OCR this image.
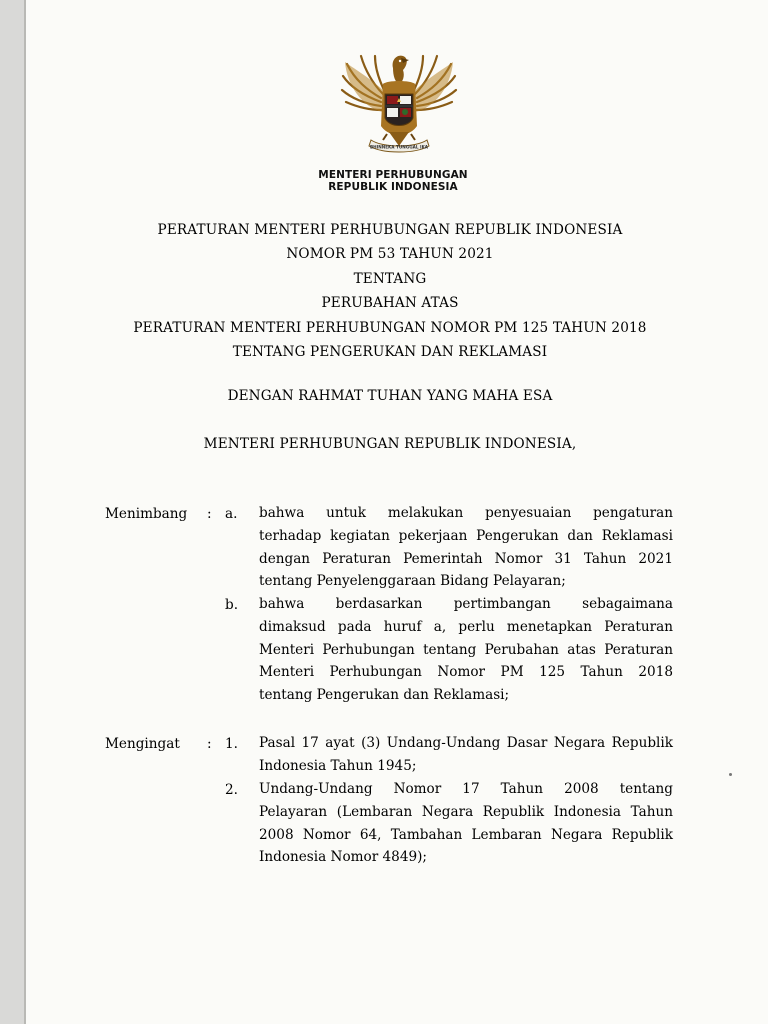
BHINNEKA TUNGGAL IKA
MENTERI PERHUBUNGAN
REPUBLIK INDONESIA
PERATURAN MENTERI PERHUBUNGAN REPUBLIK INDONESIA
NOMOR PM 53 TAHUN 2021
TENTANG
PERUBAHAN ATAS
PERATURAN MENTERI PERHUBUNGAN NOMOR PM 125 TAHUN 2018
TENTANG PENGERUKAN DAN REKLAMASI
DENGAN RAHMAT TUHAN YANG MAHA ESA
MENTERI PERHUBUNGAN REPUBLIK INDONESIA,
Menimbang : a. bahwa untuk melakukan penyesuaian pengaturan
terhadap kegiatan pekerjaan Pengerukan dan Reklamasi
dengan Peraturan Pemerintah Nomor 31 Tahun 2021
tentang Penyelenggaraan Bidang Pelayaran;
b. bahwa berdasarkan pertimbangan sebagaimana
dimaksud pada huruf a, perlu menetapkan Peraturan
Menteri Perhubungan tentang Perubahan atas Peraturan
Menteri Perhubungan Nomor PM 125 Tahun 2018
tentang Pengerukan dan Reklamasi;
Mengingat : 1. Pasal 17 ayat (3) Undang-Undang Dasar Negara Republik
Indonesia Tahun 1945;
2. Undang-Undang Nomor 17 Tahun 2008 tentang
Pelayaran (Lembaran Negara Republik Indonesia Tahun
2008 Nomor 64, Tambahan Lembaran Negara Republik
Indonesia Nomor 4849);
